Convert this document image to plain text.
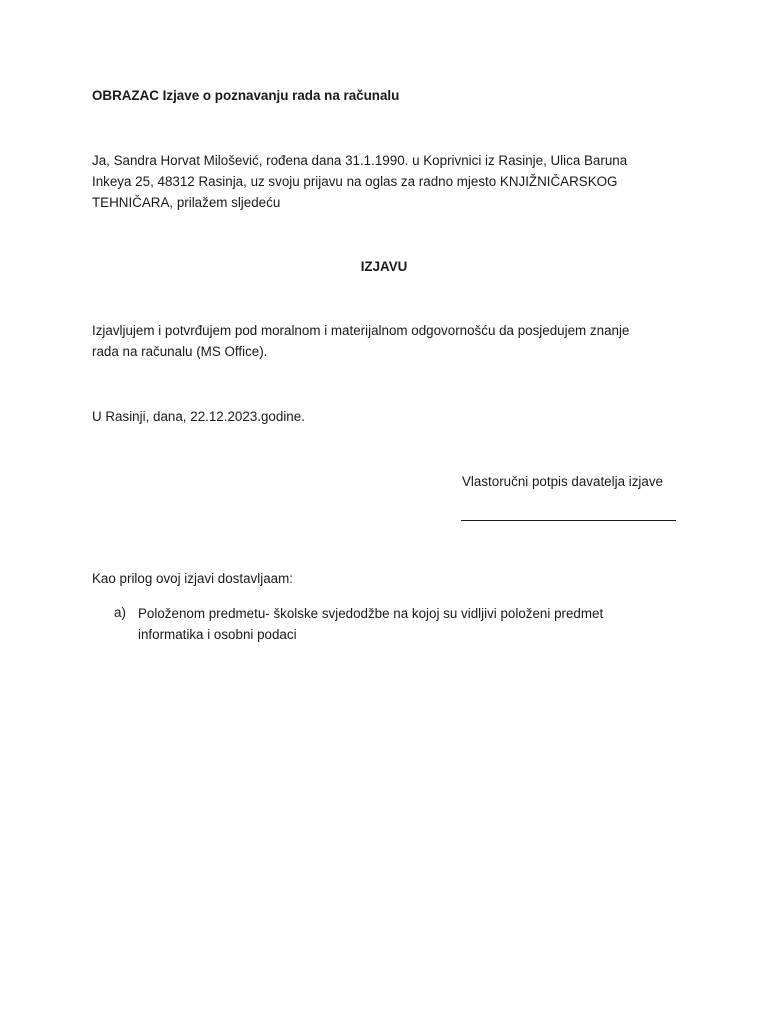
OBRAZAC Izjave o poznavanju rada na računalu
Ja, Sandra Horvat Milošević, rođena dana 31.1.1990. u Koprivnici iz Rasinje, Ulica Baruna
Inkeya 25, 48312 Rasinja, uz svoju prijavu na oglas za radno mjesto KNJIŽNIČARSKOG
TEHNIČARA, prilažem sljedeću
IZJAVU
Izjavljujem i potvrđujem pod moralnom i materijalnom odgovornošću da posjedujem znanje
rada na računalu (MS Office).
U Rasinji, dana, 22.12.2023.godine.
Vlastoručni potpis davatelja izjave
Kao prilog ovoj izjavi dostavljaam:
a) Položenom predmetu- školske svjedodžbe na kojoj su vidljivi položeni predmet
informatika i osobni podaci
